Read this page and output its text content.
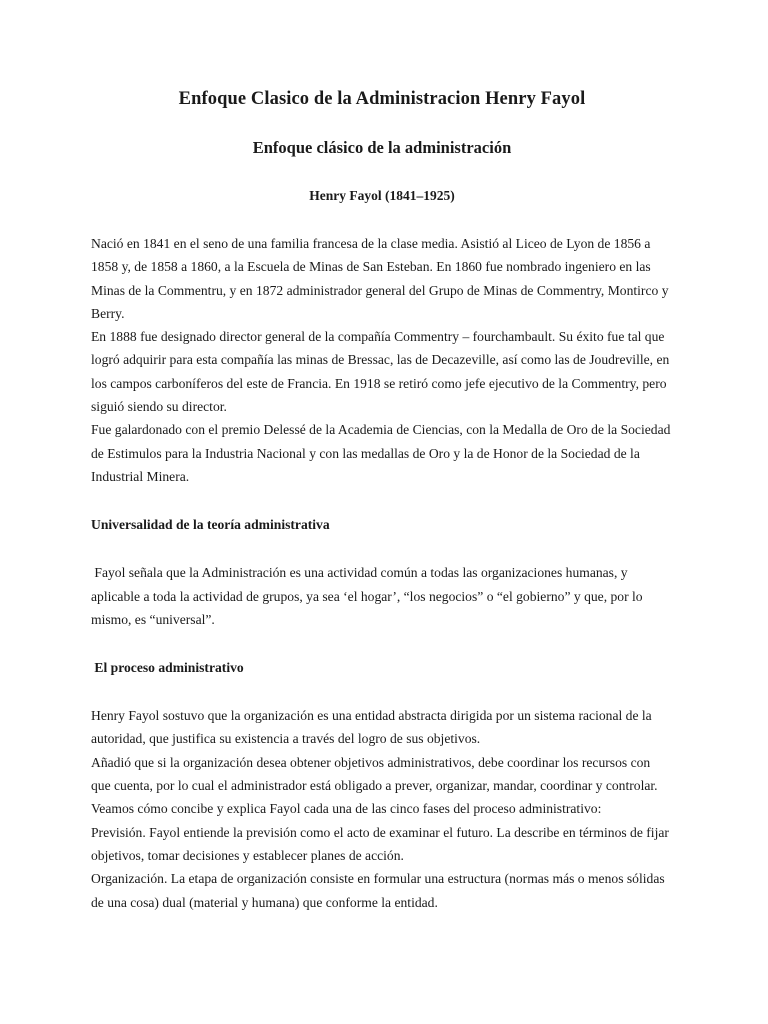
Enfoque Clasico de la Administracion Henry Fayol
Enfoque clásico de la administración
Henry Fayol (1841–1925)

Nació en 1841 en el seno de una familia francesa de la clase media. Asistió al Liceo de Lyon de 1856 a 1858 y, de 1858 a 1860, a la Escuela de Minas de San Esteban. En 1860 fue nombrado ingeniero en las Minas de la Commentru, y en 1872 administrador general del Grupo de Minas de Commentry, Montirco y Berry.

En 1888 fue designado director general de la compañía Commentry – fourchambault. Su éxito fue tal que logró adquirir para esta compañía las minas de Bressac, las de Decazeville, así como las de Joudreville, en los campos carboníferos del este de Francia. En 1918 se retiró como jefe ejecutivo de la Commentry, pero siguió siendo su director.

Fue galardonado con el premio Delessé de la Academia de Ciencias, con la Medalla de Oro de la Sociedad de Estimulos para la Industria Nacional y con las medallas de Oro y la de Honor de la Sociedad de la Industrial Minera.

Universalidad de la teoría administrativa

Fayol señala que la Administración es una actividad común a todas las organizaciones humanas, y aplicable a toda la actividad de grupos, ya sea ‘el hogar’, “los negocios” o “el gobierno” y que, por lo mismo, es “universal”.

El proceso administrativo

Henry Fayol sostuvo que la organización es una entidad abstracta dirigida por un sistema racional de la autoridad, que justifica su existencia a través del logro de sus objetivos.

Añadió que si la organización desea obtener objetivos administrativos, debe coordinar los recursos con que cuenta, por lo cual el administrador está obligado a prever, organizar, mandar, coordinar y controlar. Veamos cómo concibe y explica Fayol cada una de las cinco fases del proceso administrativo:

Previsión. Fayol entiende la previsión como el acto de examinar el futuro. La describe en términos de fijar objetivos, tomar decisiones y establecer planes de acción.

Organización. La etapa de organización consiste en formular una estructura (normas más o menos sólidas de una cosa) dual (material y humana) que conforme la entidad.
